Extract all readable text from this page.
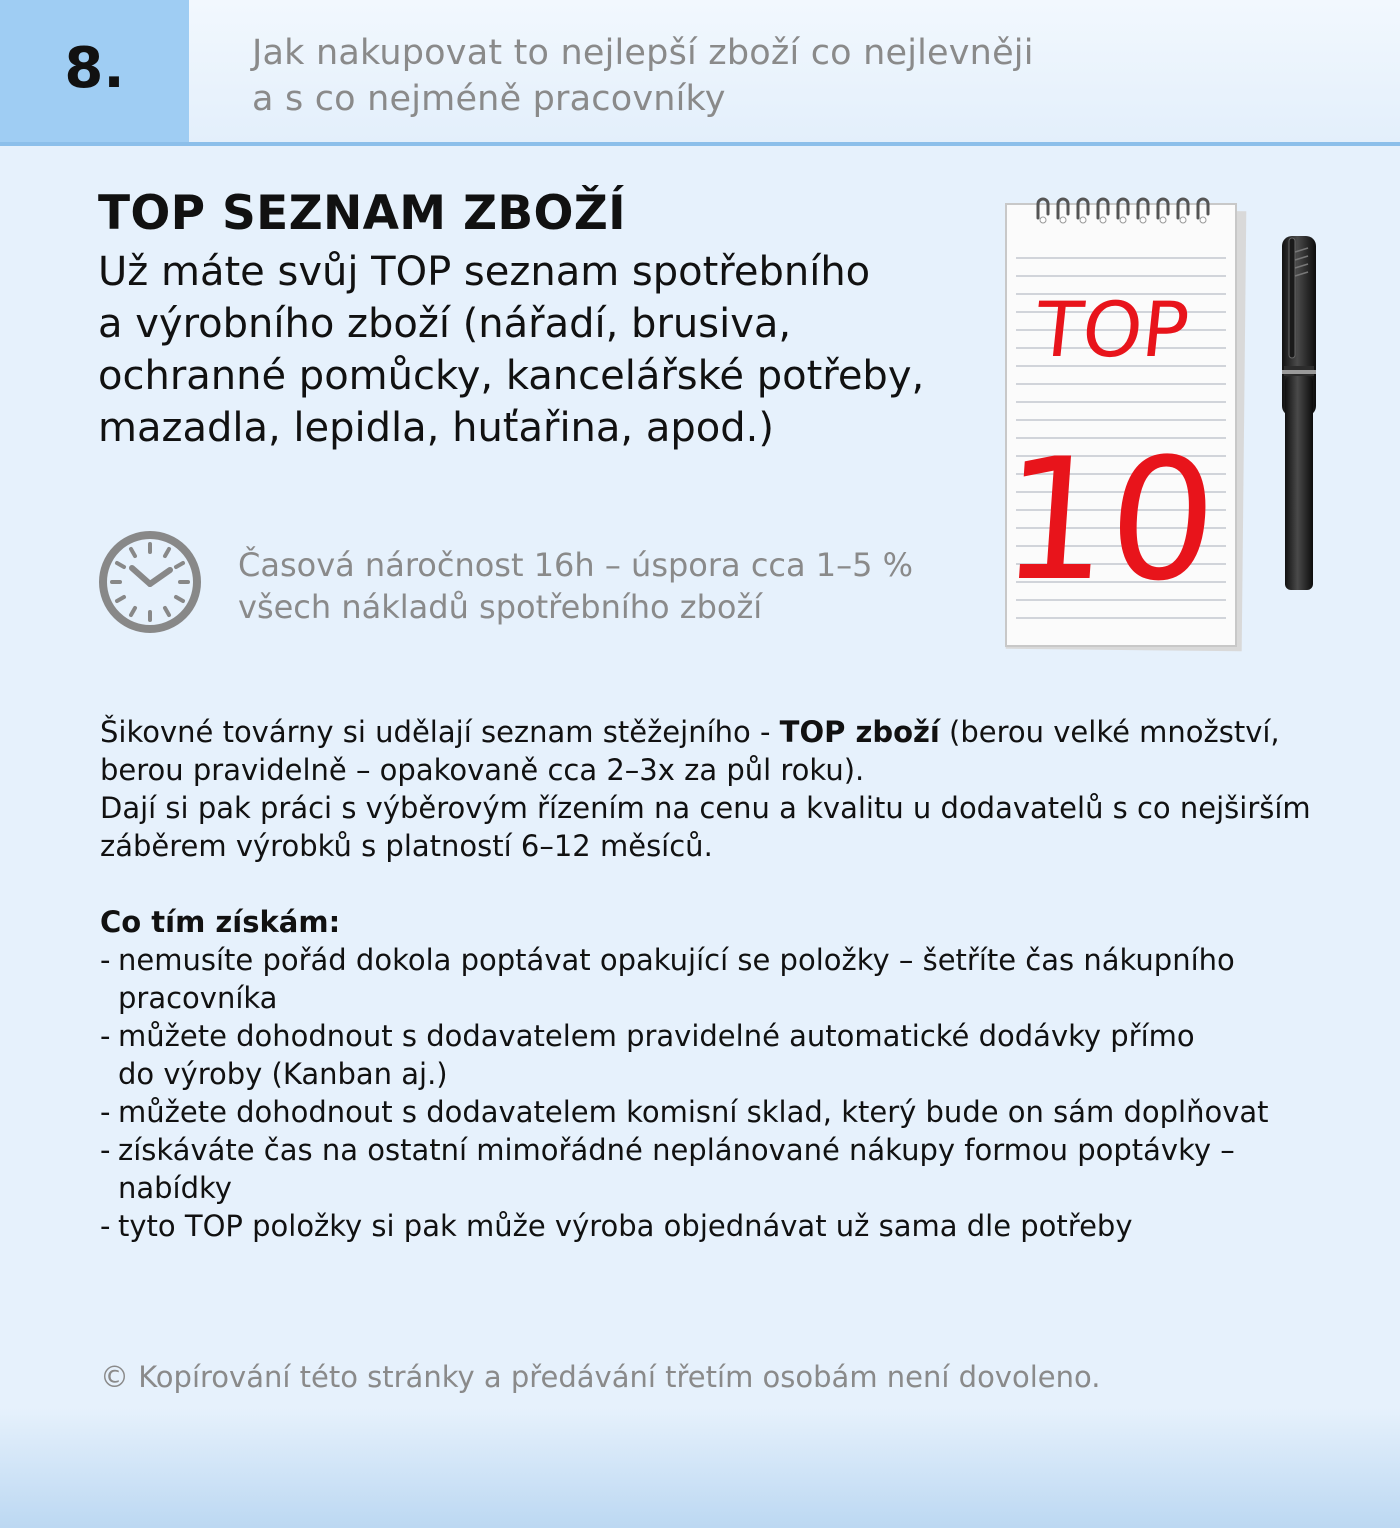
8.	Jak nakupovat to nejlepší zboží co nejlevněji
a s co nejméně pracovníky
TOP SEZNAM ZBOŽÍ
Už máte svůj TOP seznam spotřebního
a výrobního zboží (nářadí, brusiva,
ochranné pomůcky, kancelářské potřeby,
mazadla, lepidla, huťařina, apod.)
Časová náročnost 16h – úspora cca 1–5 %
všech nákladů spotřebního zboží
TOP
10

Šikovné továrny si udělají seznam stěžejního - TOP zboží (berou velké množství,
berou pravidelně – opakovaně cca 2–3x za půl roku).

Dají si pak práci s výběrovým řízením na cenu a kvalitu u dodavatelů s co nejširším
záběrem výrobků s platností 6–12 měsíců.

Co tím získám:

- nemusíte pořád dokola poptávat opakující se položky – šetříte čas nákupního
pracovníka
- můžete dohodnout s dodavatelem pravidelné automatické dodávky přímo
do výroby (Kanban aj.)
- můžete dohodnout s dodavatelem komisní sklad, který bude on sám doplňovat
- získáváte čas na ostatní mimořádné neplánované nákupy formou poptávky –
nabídky
- tyto TOP položky si pak může výroba objednávat už sama dle potřeby
© Kopírování této stránky a předávání třetím osobám není dovoleno.
